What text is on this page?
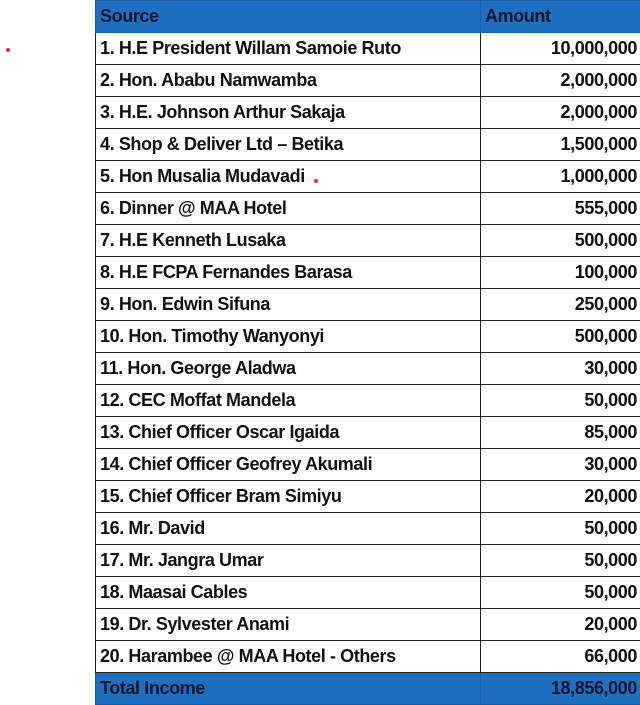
Source	Amount
1. H.E President Willam Samoie Ruto	10,000,000
2. Hon. Ababu Namwamba	2,000,000
3. H.E. Johnson Arthur Sakaja	2,000,000
4. Shop & Deliver Ltd – Betika	1,500,000
5. Hon Musalia Mudavadi	1,000,000
6. Dinner @ MAA Hotel	555,000
7. H.E Kenneth Lusaka	500,000
8. H.E FCPA Fernandes Barasa	100,000
9. Hon. Edwin Sifuna	250,000
10. Hon. Timothy Wanyonyi	500,000
11. Hon. George Aladwa	30,000
12. CEC Moffat Mandela	50,000
13. Chief Officer Oscar Igaida	85,000
14. Chief Officer Geofrey Akumali	30,000
15. Chief Officer Bram Simiyu	20,000
16. Mr. David	50,000
17. Mr. Jangra Umar	50,000
18. Maasai Cables	50,000
19. Dr. Sylvester Anami	20,000
20. Harambee @ MAA Hotel - Others	66,000
Total Income	18,856,000
